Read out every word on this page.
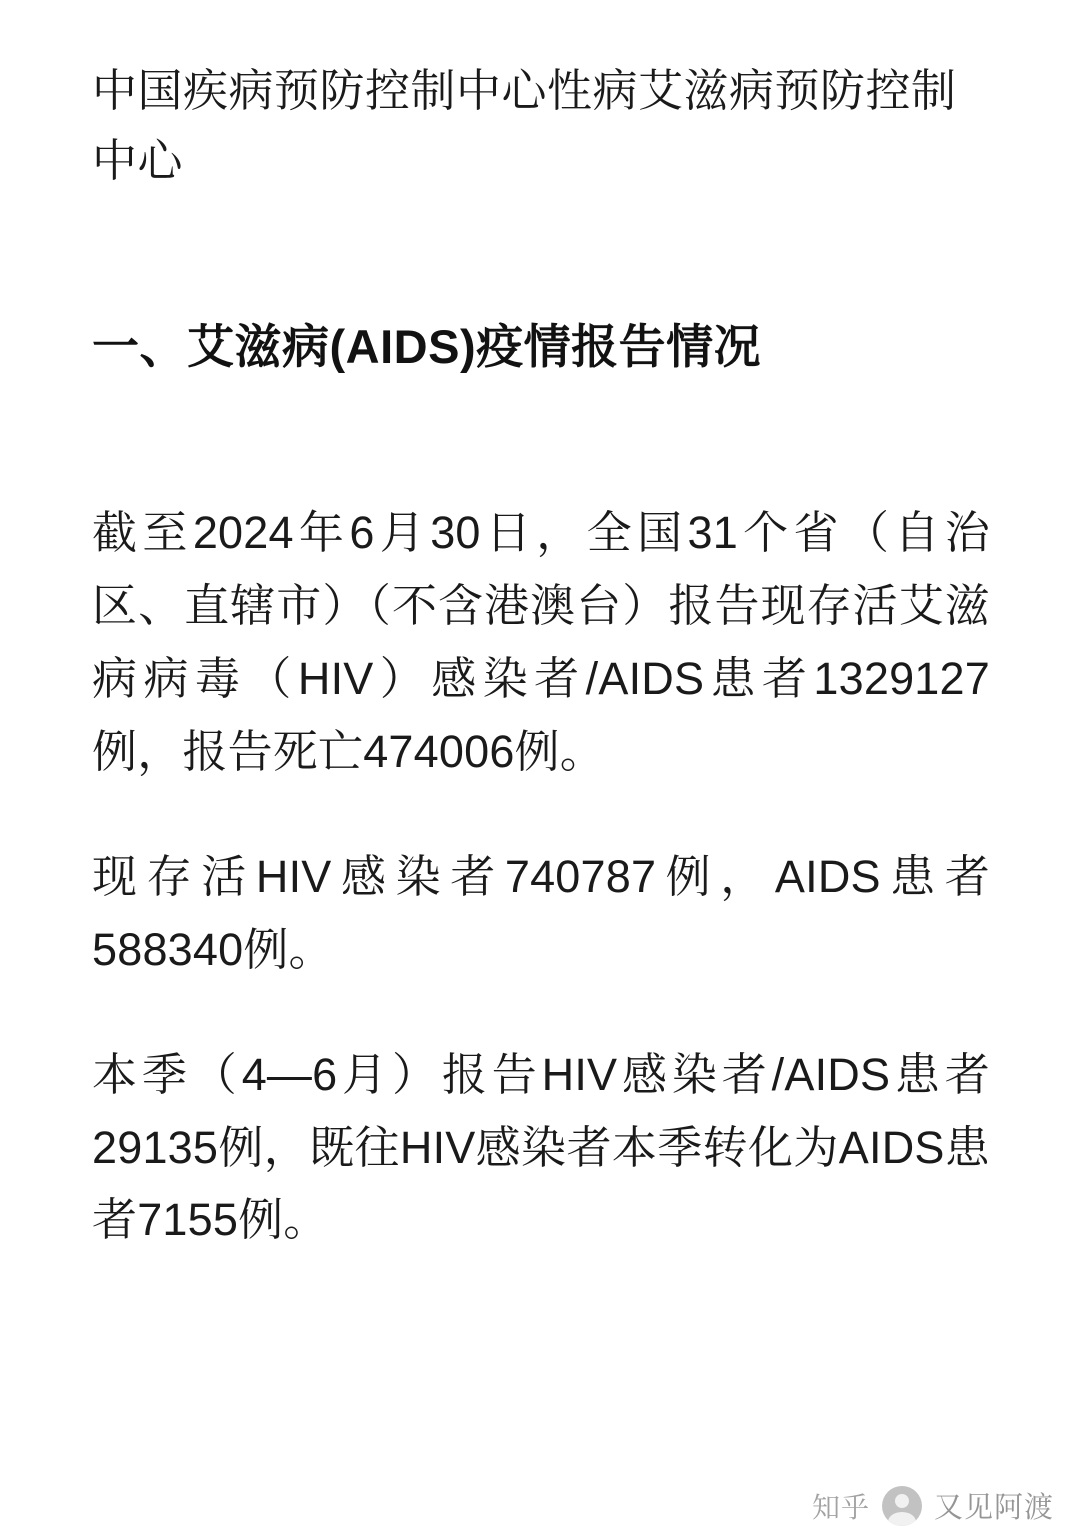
中国疾病预防控制中心性病艾滋病预防控制中心
一、艾滋病(AIDS)疫情报告情况

截至2024年6月30日，全国31个省（自治区、直辖市）（不含港澳台）报告现存活艾滋病病毒（HIV）感染者/AIDS患者1329127例，报告死亡474006例。

现存活HIV感染者740787例，AIDS患者588340例。

本季（4—6月）报告HIV感染者/AIDS患者29135例，既往HIV感染者本季转化为AIDS患者7155例。

知乎 又见阿渡
